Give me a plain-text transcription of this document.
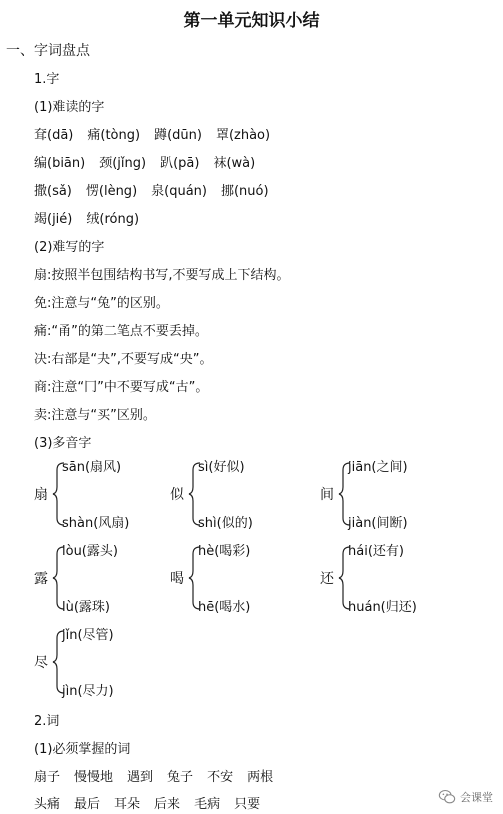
第一单元知识小结
一、字词盘点
1.字
(1)难读的字
耷(dā) 痛(tòng) 蹲(dūn) 罩(zhào)
编(biān) 颈(jǐng) 趴(pā) 袜(wà)
撒(sǎ) 愣(lèng) 泉(quán) 挪(nuó)
竭(jié) 绒(róng)
(2)难写的字
扇:按照半包围结构书写,不要写成上下结构。
免:注意与“兔”的区别。
痛:“甬”的第二笔点不要丢掉。
决:右部是“夬”,不要写成“央”。
商:注意“冂”中不要写成“古”。
卖:注意与“买”区别。
(3)多音字
扇
sān(扇风)
shàn(风扇)
似
sì(好似)
shì(似的)
间
jiān(之间)
jiàn(间断)
露
lòu(露头)
lù(露珠)
喝
hè(喝彩)
hē(喝水)
还
hái(还有)
huán(归还)
尽
jǐn(尽管)
jìn(尽力)
2.词
(1)必须掌握的词
扇子 慢慢地 遇到 兔子 不安 两根
头痛 最后 耳朵 后来 毛病 只要	会课堂
